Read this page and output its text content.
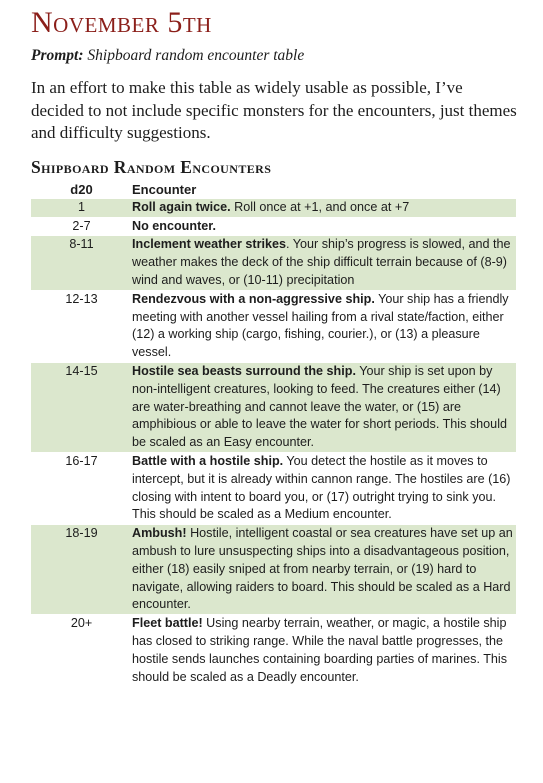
November 5th
Prompt: Shipboard random encounter table

In an effort to make this table as widely usable as possible, I’ve decided to not include specific monsters for the encounters, just themes and difficulty suggestions.

Shipboard Random Encounters
d20	Encounter
1	Roll again twice. Roll once at +1, and once at +7
2-7	No encounter.
8-11	Inclement weather strikes. Your ship’s progress is slowed, and the weather makes the deck of the ship difficult terrain because of (8-9) wind and waves, or (10-11) precipitation
12-13	Rendezvous with a non-aggressive ship. Your ship has a friendly meeting with another vessel hailing from a rival state/faction, either (12) a working ship (cargo, fishing, courier.), or (13) a pleasure vessel.
14-15	Hostile sea beasts surround the ship. Your ship is set upon by non-intelligent creatures, looking to feed. The creatures either (14) are water-breathing and cannot leave the water, or (15) are amphibious or able to leave the water for short periods. This should be scaled as an Easy encounter.
16-17	Battle with a hostile ship. You detect the hostile as it moves to intercept, but it is already within cannon range. The hostiles are (16) closing with intent to board you, or (17) outright trying to sink you. This should be scaled as a Medium encounter.
18-19	Ambush! Hostile, intelligent coastal or sea creatures have set up an ambush to lure unsuspecting ships into a disadvantageous position, either (18) easily sniped at from nearby terrain, or (19) hard to navigate, allowing raiders to board. This should be scaled as a Hard encounter.
20+	Fleet battle! Using nearby terrain, weather, or magic, a hostile ship has closed to striking range. While the naval battle progresses, the hostile sends launches containing boarding parties of marines. This should be scaled as a Deadly encounter.
